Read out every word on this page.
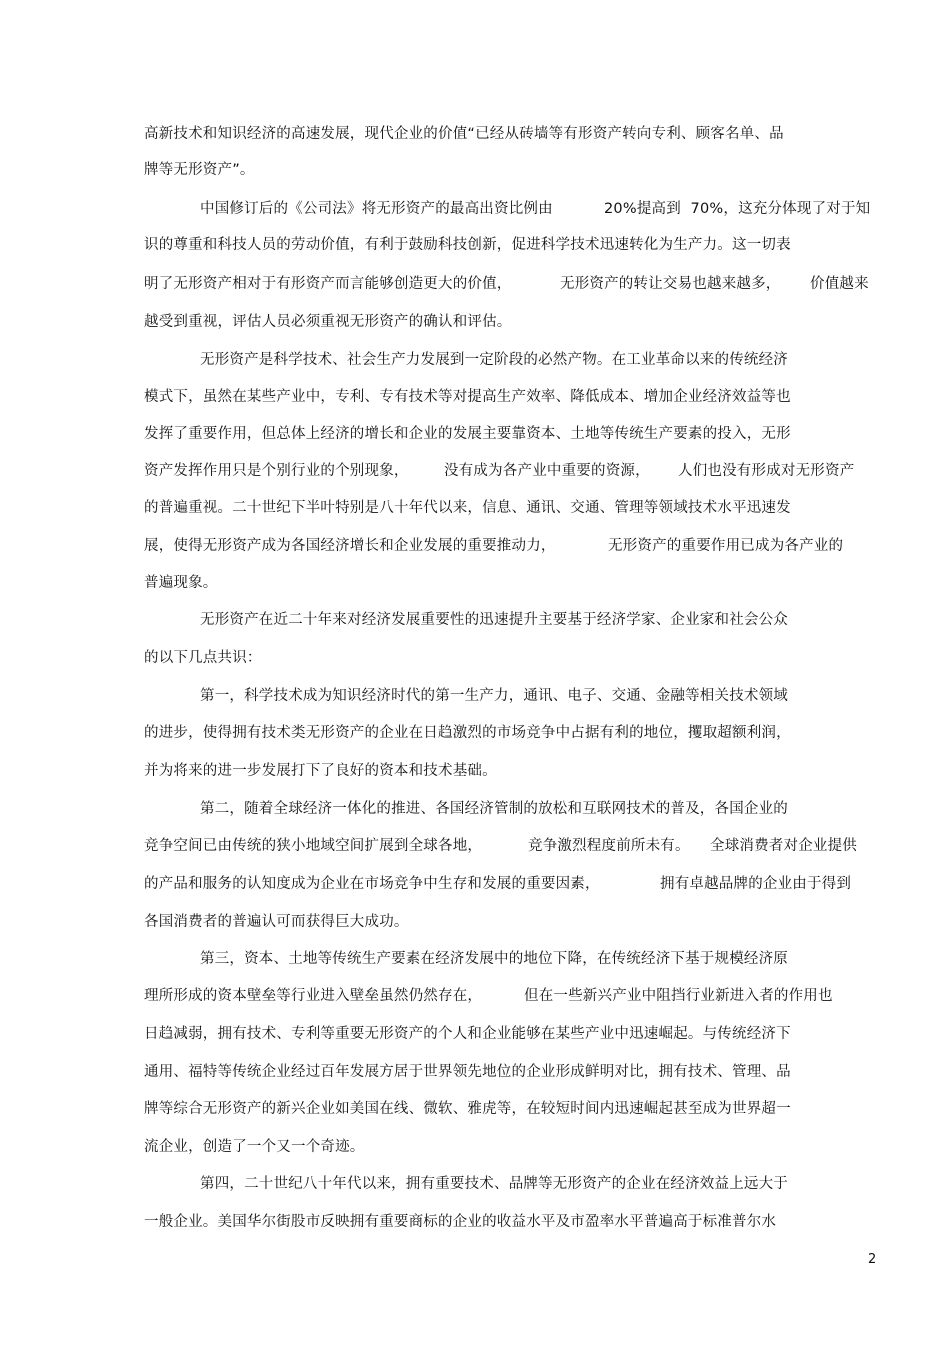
高新技术和知识经济的高速发展，现代企业的价值“已经从砖墙等有形资产转向专利、顾客名单、品
牌等无形资产”。
中国修订后的《公司法》将无形资产的最高出资比例由	20%提高到  70%，这充分体现了对于知
识的尊重和科技人员的劳动价值，有利于鼓励科技创新，促进科学技术迅速转化为生产力。这一切表
明了无形资产相对于有形资产而言能够创造更大的价值，	无形资产的转让交易也越来越多， 价值越来
越受到重视，评估人员必须重视无形资产的确认和评估。
无形资产是科学技术、社会生产力发展到一定阶段的必然产物。在工业革命以来的传统经济
模式下，虽然在某些产业中，专利、专有技术等对提高生产效率、降低成本、增加企业经济效益等也
发挥了重要作用，但总体上经济的增长和企业的发展主要靠资本、土地等传统生产要素的投入，无形
资产发挥作用只是个别行业的个别现象， 没有成为各产业中重要的资源， 人们也没有形成对无形资产
的普遍重视。二十世纪下半叶特别是八十年代以来，信息、通讯、交通、管理等领域技术水平迅速发
展，使得无形资产成为各国经济增长和企业发展的重要推动力，	无形资产的重要作用已成为各产业的
普遍现象。
无形资产在近二十年来对经济发展重要性的迅速提升主要基于经济学家、企业家和社会公众
的以下几点共识：
第一，科学技术成为知识经济时代的第一生产力，通讯、电子、交通、金融等相关技术领域
的进步，使得拥有技术类无形资产的企业在日趋激烈的市场竞争中占据有利的地位，攫取超额利润，
并为将来的进一步发展打下了良好的资本和技术基础。
第二，随着全球经济一体化的推进、各国经济管制的放松和互联网技术的普及，各国企业的
竞争空间已由传统的狭小地域空间扩展到全球各地，	竞争激烈程度前所未有。 全球消费者对企业提供
的产品和服务的认知度成为企业在市场竞争中生存和发展的重要因素，	拥有卓越品牌的企业由于得到
各国消费者的普遍认可而获得巨大成功。
第三，资本、土地等传统生产要素在经济发展中的地位下降，在传统经济下基于规模经济原
理所形成的资本壁垒等行业进入壁垒虽然仍然存在，	但在一些新兴产业中阻挡行业新进入者的作用也
日趋减弱，拥有技术、专利等重要无形资产的个人和企业能够在某些产业中迅速崛起。与传统经济下
通用、福特等传统企业经过百年发展方居于世界领先地位的企业形成鲜明对比，拥有技术、管理、品
牌等综合无形资产的新兴企业如美国在线、微软、雅虎等，在较短时间内迅速崛起甚至成为世界超一
流企业，创造了一个又一个奇迹。
第四，二十世纪八十年代以来，拥有重要技术、品牌等无形资产的企业在经济效益上远大于
一般企业。美国华尔街股市反映拥有重要商标的企业的收益水平及市盈率水平普遍高于标准普尔水
2
